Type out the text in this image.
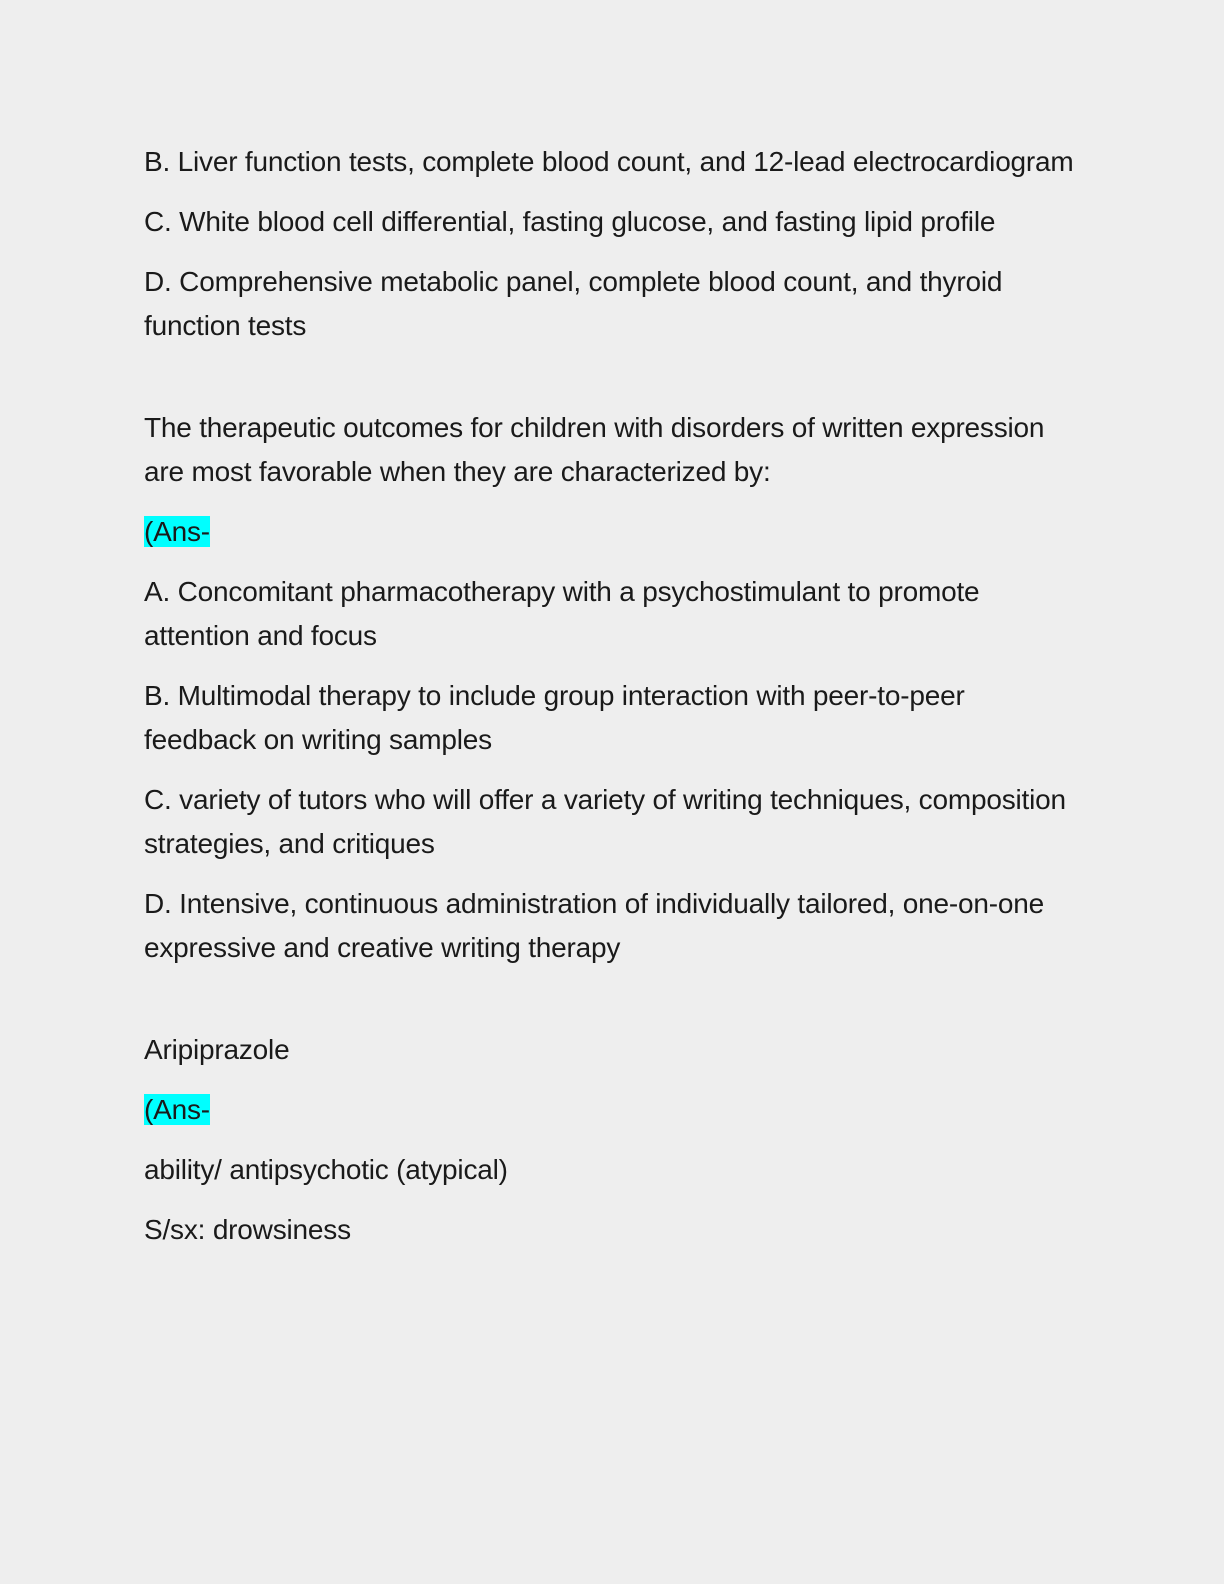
B. Liver function tests, complete blood count, and 12-lead electrocardiogram

C. White blood cell differential, fasting glucose, and fasting lipid profile

D. Comprehensive metabolic panel, complete blood count, and thyroid function tests

The therapeutic outcomes for children with disorders of written expression are most favorable when they are characterized by:

(Ans-

A. Concomitant pharmacotherapy with a psychostimulant to promote attention and focus

B. Multimodal therapy to include group interaction with peer-to-peer feedback on writing samples

C. variety of tutors who will offer a variety of writing techniques, composition strategies, and critiques

D. Intensive, continuous administration of individually tailored, one-on-one expressive and creative writing therapy

Aripiprazole

(Ans-

ability/ antipsychotic (atypical)

S/sx: drowsiness
